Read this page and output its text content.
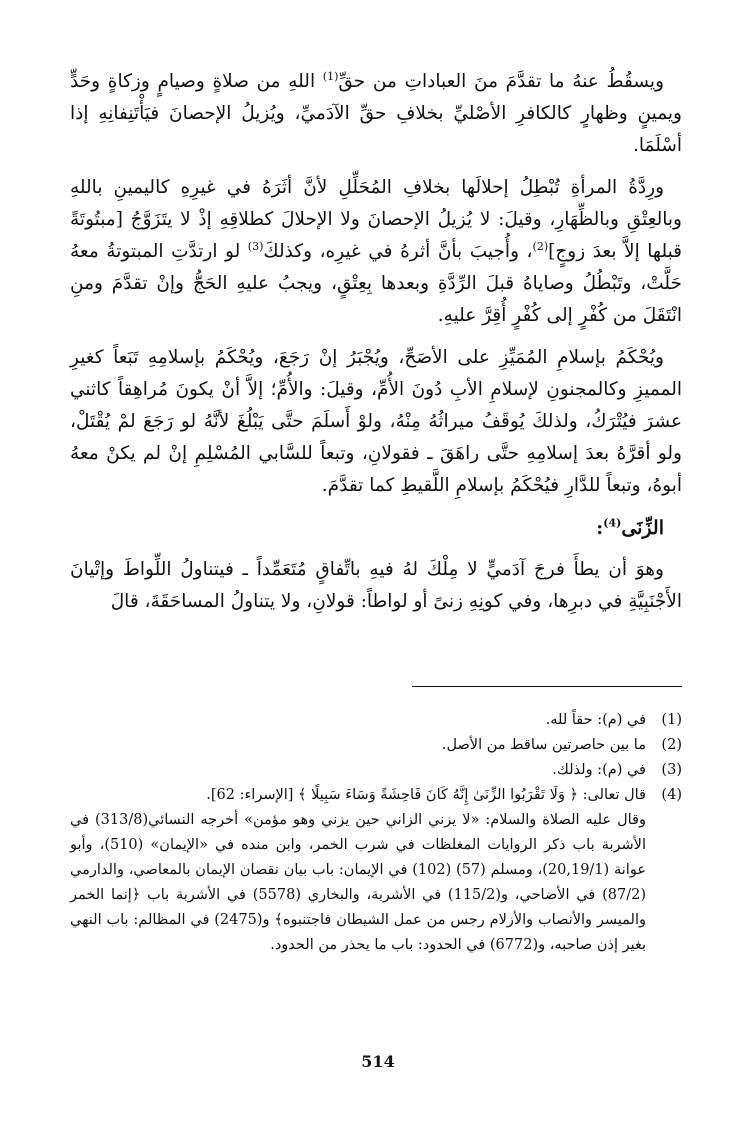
ويسقُطُ عنهُ ما تقدَّمَ منَ العباداتِ من حقِّ$^{(1)}$ اللهِ من صلاةٍ وصيامٍ وزكاةٍ وحَدٍّ ويمينٍ وظهارٍ كالكافرِ الأصْليِّ بخلافِ حقِّ الآدَميِّ، ويُزيلُ الإحصانَ فيَأْتَنِفانِهِ إذا أسْلَمَا.

ورِدَّةُ المرأةِ تُبْطِلُ إحلالَها بخلافِ المُحَلِّلِ لأنَّ أثَرَهُ في غيرِهِ كاليمينِ باللهِ وبالعِتْقِ وبالظِّهَارِ، وقيلَ: لا يُزيلُ الإحصانَ ولا الإحلالَ كطلاقِهِ إذْ لا يتَزَوَّجُ [مبتُوتَةً قبلها إلاَّ بعدَ زوجٍ]$^{(2)}$، وأُجيبَ بأنَّ أثرهُ في غيرِه، وكذلكَ$^{(3)}$ لو ارتدَّتِ المبتوتةُ معهُ حَلَّتْ، وتَبْطُلُ وصاياهُ قبلَ الرِّدَّةِ وبعدها بِعِتْقٍ، ويجبُ عليهِ الحَجُّ وإنْ تقدَّمَ ومنِ انْتَقَلَ من كُفْرٍ إلى كُفْرٍ أُقِرَّ عليهِ.

ويُحْكَمُ بإسلامِ المُمَيِّزِ على الأصَحِّ، ويُجْبَرُ إنْ رَجَعَ، ويُحْكَمُ بإسلامِهِ تَبَعاً كغيرِ المميزِ وكالمجنونِ لإسلامِ الأبِ دُونَ الأُمِّ، وقيلَ: والأُمِّ؛ إلاَّ أنْ يكونَ مُراهِقاً كاثني عشرَ فيُتْرَكُ، ولذلكَ يُوقَفُ ميراثُهُ مِنْهُ، ولوْ أَسلَمَ حتَّى يَبْلُغَ لأنَّهُ لو رَجَعَ لمْ يُقْتَلْ، ولو أقرَّهُ بعدَ إسلامِهِ حتَّى راهَقَ ـ فقولانِ، وتبعاً للسَّابي المُسْلِمِ إنْ لم يكنْ معهُ أبوهُ، وتبعاً للدَّارِ فيُحْكَمُ بإسلامِ اللَّقيطِ كما تقدَّمَ.

الزِّنَى$^{(4)}$:

وهوَ أن يطأَ فرجَ آدَميٍّ لا مِلْكَ لهُ فيهِ باتِّفاقٍ مُتَعَمِّداً ـ فيتناولُ اللِّواطَ وإتْيانَ الأَجْنَبِيَّةِ في دبرِها، وفي كونِهِ زنىً أو لواطاً: قولانِ، ولا يتناولُ المساحَقَةَ، قالَ

(1)
في (م): حقاً لله.
(2)
ما بين حاصرتين ساقط من الأصل.
(3)
في (م): ولذلك.
(4)
قال تعالى: ﴿ وَلَا تَقْرَبُوا الزِّنَىٰ إِنَّهُ كَانَ فَاحِشَةً وَسَاءَ سَبِيلًا ﴾ [الإسراء: 62].
وقال عليه الصلاة والسلام: «لا يزني الزاني حين يزني وهو مؤمن» أخرجه النسائي(313/8) في الأشربة باب ذكر الروايات المغلظات في شرب الخمر، وابن منده في «الإيمان» (510)، وأبو عوانة (20,19/1)، ومسلم (57) (102) في الإيمان: باب بيان نقصان الإيمان بالمعاصي، والدارمي (87/2) في الأضاحي، و(115/2) في الأشربة، والبخاري (5578) في الأشربة باب ﴿إنما الخمر والميسر والأنصاب والأزلام رجس من عمل الشيطان فاجتنبوه﴾ و(2475) في المظالم: باب النهي بغير إذن صاحبه، و(6772) في الحدود: باب ما يحذر من الحدود.
514
